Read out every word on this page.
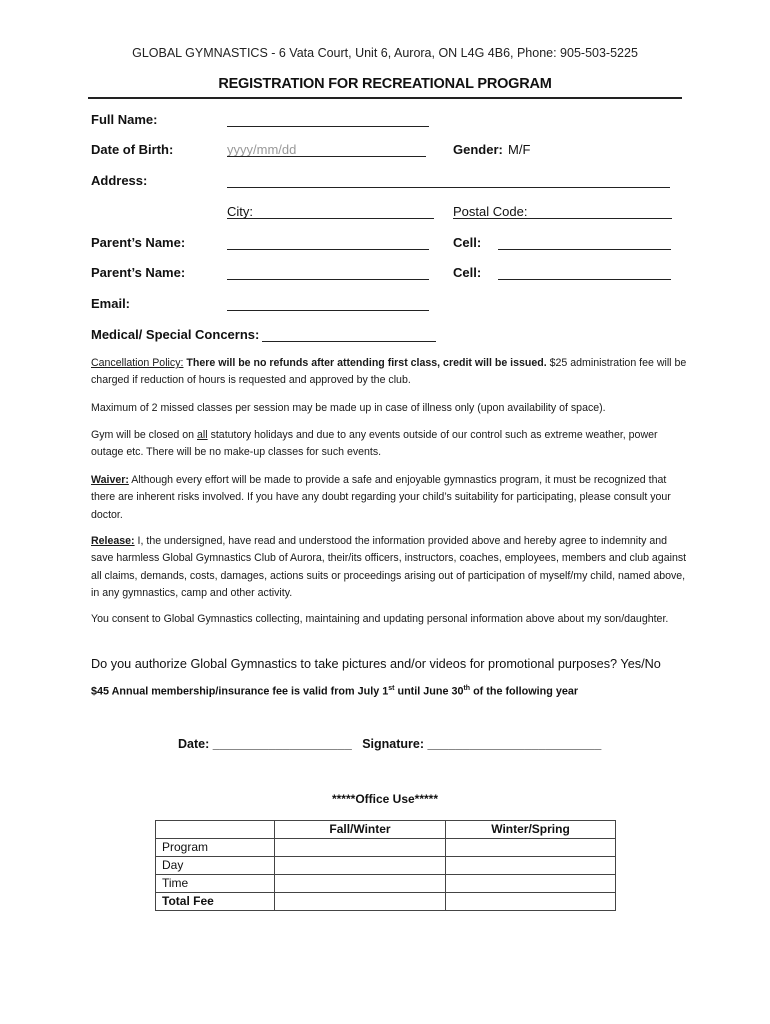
GLOBAL GYMNASTICS - 6 Vata Court, Unit 6, Aurora, ON L4G 4B6, Phone: 905-503-5225
REGISTRATION FOR RECREATIONAL PROGRAM
Full Name:
Date of Birth:	yyyy/mm/dd	Gender: M/F
Address:
City:	Postal Code:
Parent’s Name:	Cell:
Parent’s Name:	Cell:
Email:
Medical/ Special Concerns:
Cancellation Policy: There will be no refunds after attending first class, credit will be issued. $25 administration fee will be charged if reduction of hours is requested and approved by the club.
Maximum of 2 missed classes per session may be made up in case of illness only (upon availability of space).
Gym will be closed on all statutory holidays and due to any events outside of our control such as extreme weather, power outage etc. There will be no make-up classes for such events.
Waiver: Although every effort will be made to provide a safe and enjoyable gymnastics program, it must be recognized that there are inherent risks involved. If you have any doubt regarding your child’s suitability for participating, please consult your doctor.
Release: I, the undersigned, have read and understood the information provided above and hereby agree to indemnity and save harmless Global Gymnastics Club of Aurora, their/its officers, instructors, coaches, employees, members and club against all claims, demands, costs, damages, actions suits or proceedings arising out of participation of myself/my child, named above, in any gymnastics, camp and other activity.
You consent to Global Gymnastics collecting, maintaining and updating personal information above about my son/daughter.
Do you authorize Global Gymnastics to take pictures and/or videos for promotional purposes? Yes/No
$45 Annual membership/insurance fee is valid from July 1st until June 30th of the following year
Date: ____________________ Signature: _________________________
*****Office Use*****
	Fall/Winter	Winter/Spring
Program		
Day		
Time		
Total Fee		
